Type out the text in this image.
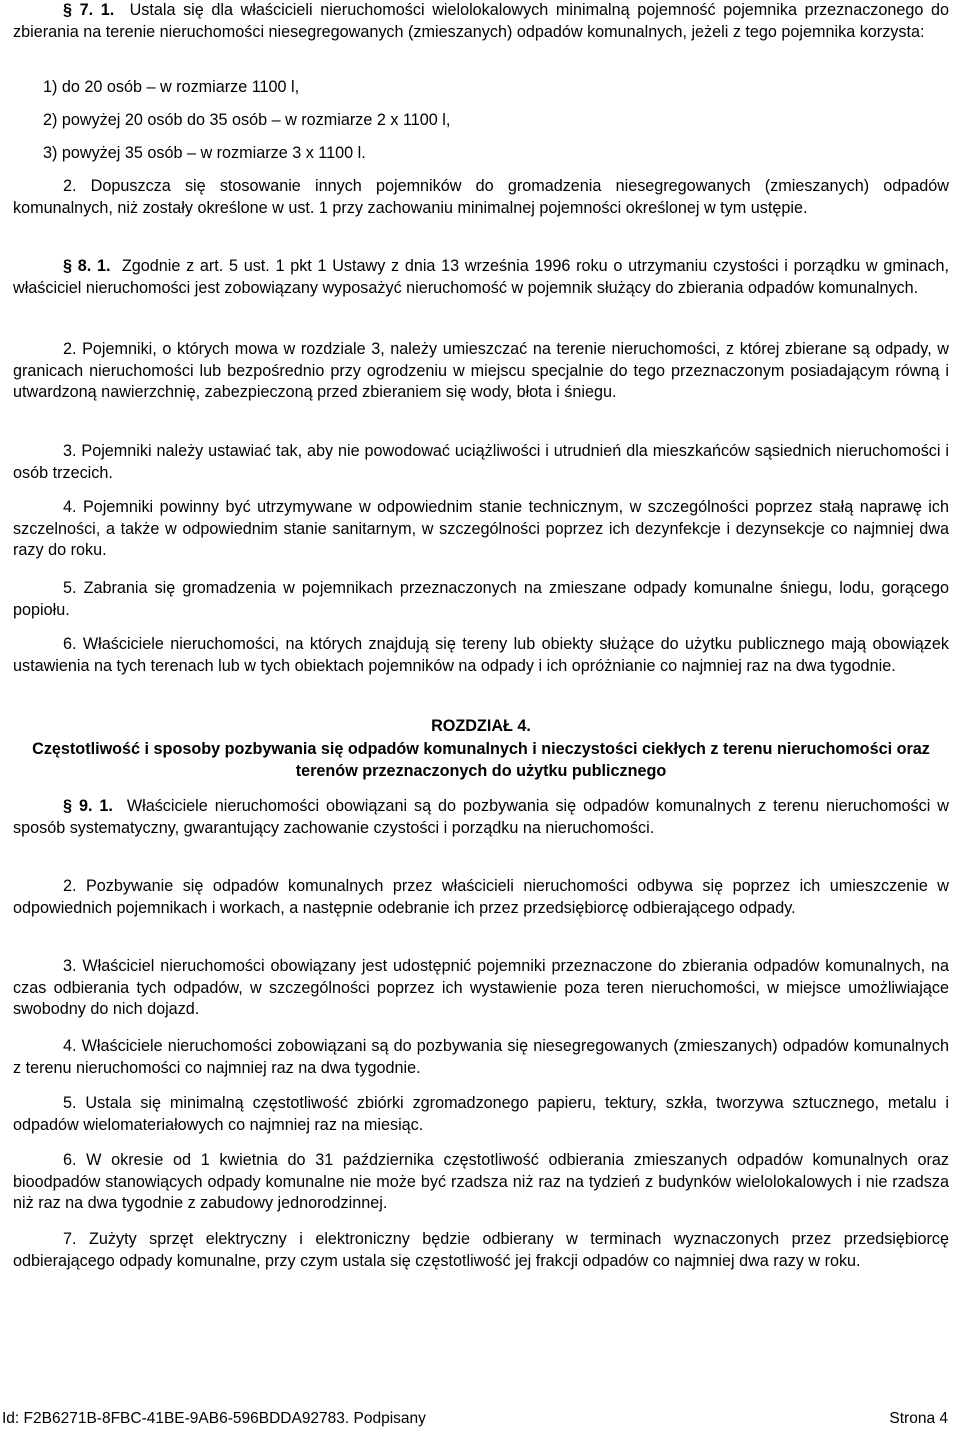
§ 7. 1. Ustala się dla właścicieli nieruchomości wielolokalowych minimalną pojemność pojemnika przeznaczonego do zbierania na terenie nieruchomości niesegregowanych (zmieszanych) odpadów komunalnych, jeżeli z tego pojemnika korzysta:

1) do 20 osób – w rozmiarze 1100 l,
2) powyżej 20 osób do 35 osób – w rozmiarze 2 x 1100 l,
3) powyżej 35 osób – w rozmiarze 3 x 1100 l.

2. Dopuszcza się stosowanie innych pojemników do gromadzenia niesegregowanych (zmieszanych) odpadów komunalnych, niż zostały określone w ust. 1 przy zachowaniu minimalnej pojemności określonej w tym ustępie.

§ 8. 1. Zgodnie z art. 5 ust. 1 pkt 1 Ustawy z dnia 13 września 1996 roku o utrzymaniu czystości i porządku w gminach, właściciel nieruchomości jest zobowiązany wyposażyć nieruchomość w pojemnik służący do zbierania odpadów komunalnych.

2. Pojemniki, o których mowa w rozdziale 3, należy umieszczać na terenie nieruchomości, z której zbierane są odpady, w granicach nieruchomości lub bezpośrednio przy ogrodzeniu w miejscu specjalnie do tego przeznaczonym posiadającym równą i utwardzoną nawierzchnię, zabezpieczoną przed zbieraniem się wody, błota i śniegu.

3. Pojemniki należy ustawiać tak, aby nie powodować uciążliwości i utrudnień dla mieszkańców sąsiednich nieruchomości i osób trzecich.

4. Pojemniki powinny być utrzymywane w odpowiednim stanie technicznym, w szczególności poprzez stałą naprawę ich szczelności, a także w odpowiednim stanie sanitarnym, w szczególności poprzez ich dezynfekcje i dezynsekcje co najmniej dwa razy do roku.

5. Zabrania się gromadzenia w pojemnikach przeznaczonych na zmieszane odpady komunalne śniegu, lodu, gorącego popiołu.

6. Właściciele nieruchomości, na których znajdują się tereny lub obiekty służące do użytku publicznego mają obowiązek ustawienia na tych terenach lub w tych obiektach pojemników na odpady i ich opróżnianie co najmniej raz na dwa tygodnie.

ROZDZIAŁ 4.
Częstotliwość i sposoby pozbywania się odpadów komunalnych i nieczystości ciekłych z terenu nieruchomości oraz terenów przeznaczonych do użytku publicznego

§ 9. 1. Właściciele nieruchomości obowiązani są do pozbywania się odpadów komunalnych z terenu nieruchomości w sposób systematyczny, gwarantujący zachowanie czystości i porządku na nieruchomości.

2. Pozbywanie się odpadów komunalnych przez właścicieli nieruchomości odbywa się poprzez ich umieszczenie w odpowiednich pojemnikach i workach, a następnie odebranie ich przez przedsiębiorcę odbierającego odpady.

3. Właściciel nieruchomości obowiązany jest udostępnić pojemniki przeznaczone do zbierania odpadów komunalnych, na czas odbierania tych odpadów, w szczególności poprzez ich wystawienie poza teren nieruchomości, w miejsce umożliwiające swobodny do nich dojazd.

4. Właściciele nieruchomości zobowiązani są do pozbywania się niesegregowanych (zmieszanych) odpadów komunalnych z terenu nieruchomości co najmniej raz na dwa tygodnie.

5. Ustala się minimalną częstotliwość zbiórki zgromadzonego papieru, tektury, szkła, tworzywa sztucznego, metalu i odpadów wielomateriałowych co najmniej raz na miesiąc.

6. W okresie od 1 kwietnia do 31 października częstotliwość odbierania zmieszanych odpadów komunalnych oraz bioodpadów stanowiących odpady komunalne nie może być rzadsza niż raz na tydzień z budynków wielolokalowych i nie rzadsza niż raz na dwa tygodnie z zabudowy jednorodzinnej.

7. Zużyty sprzęt elektryczny i elektroniczny będzie odbierany w terminach wyznaczonych przez przedsiębiorcę odbierającego odpady komunalne, przy czym ustala się częstotliwość jej frakcji odpadów co najmniej dwa razy w roku.

Id: F2B6271B-8FBC-41BE-9AB6-596BDDA92783. Podpisany	Strona 4
